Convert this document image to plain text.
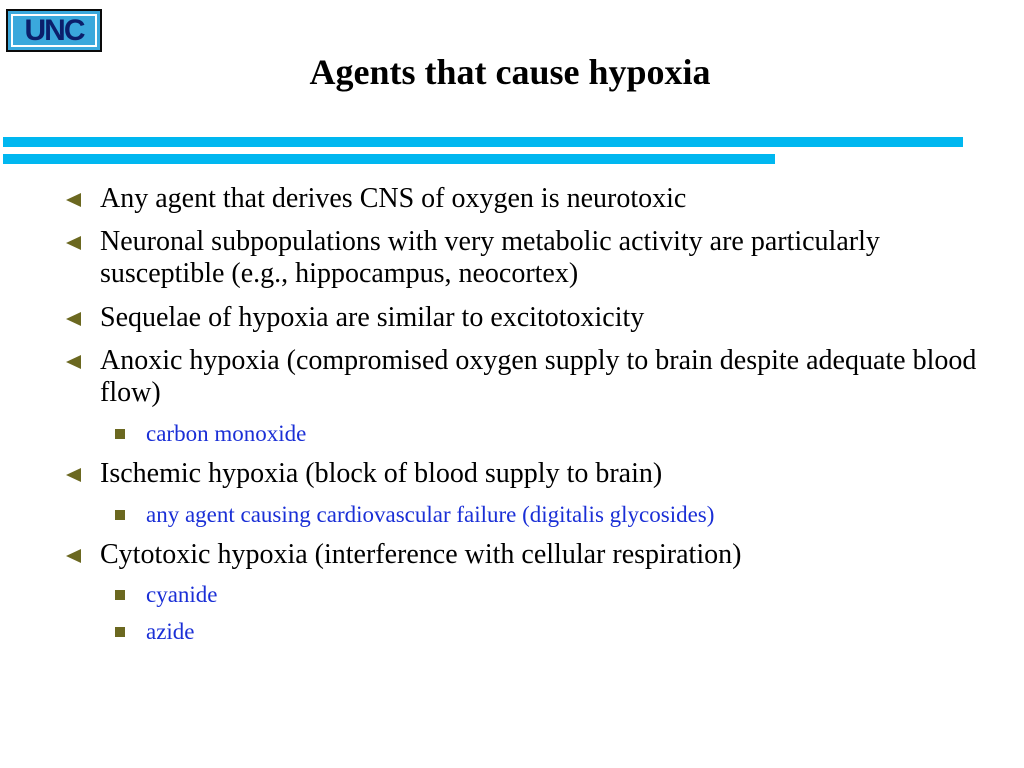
UNC
Agents that cause hypoxia
Any agent that derives CNS of oxygen is neurotoxic
Neuronal subpopulations with very metabolic activity are particularly susceptible (e.g., hippocampus, neocortex)
Sequelae of hypoxia are similar to excitotoxicity
Anoxic hypoxia (compromised oxygen supply to brain despite adequate blood flow)
carbon monoxide
Ischemic hypoxia (block of blood supply to brain)
any agent causing cardiovascular failure (digitalis glycosides)
Cytotoxic hypoxia (interference with cellular respiration)
cyanide
azide
